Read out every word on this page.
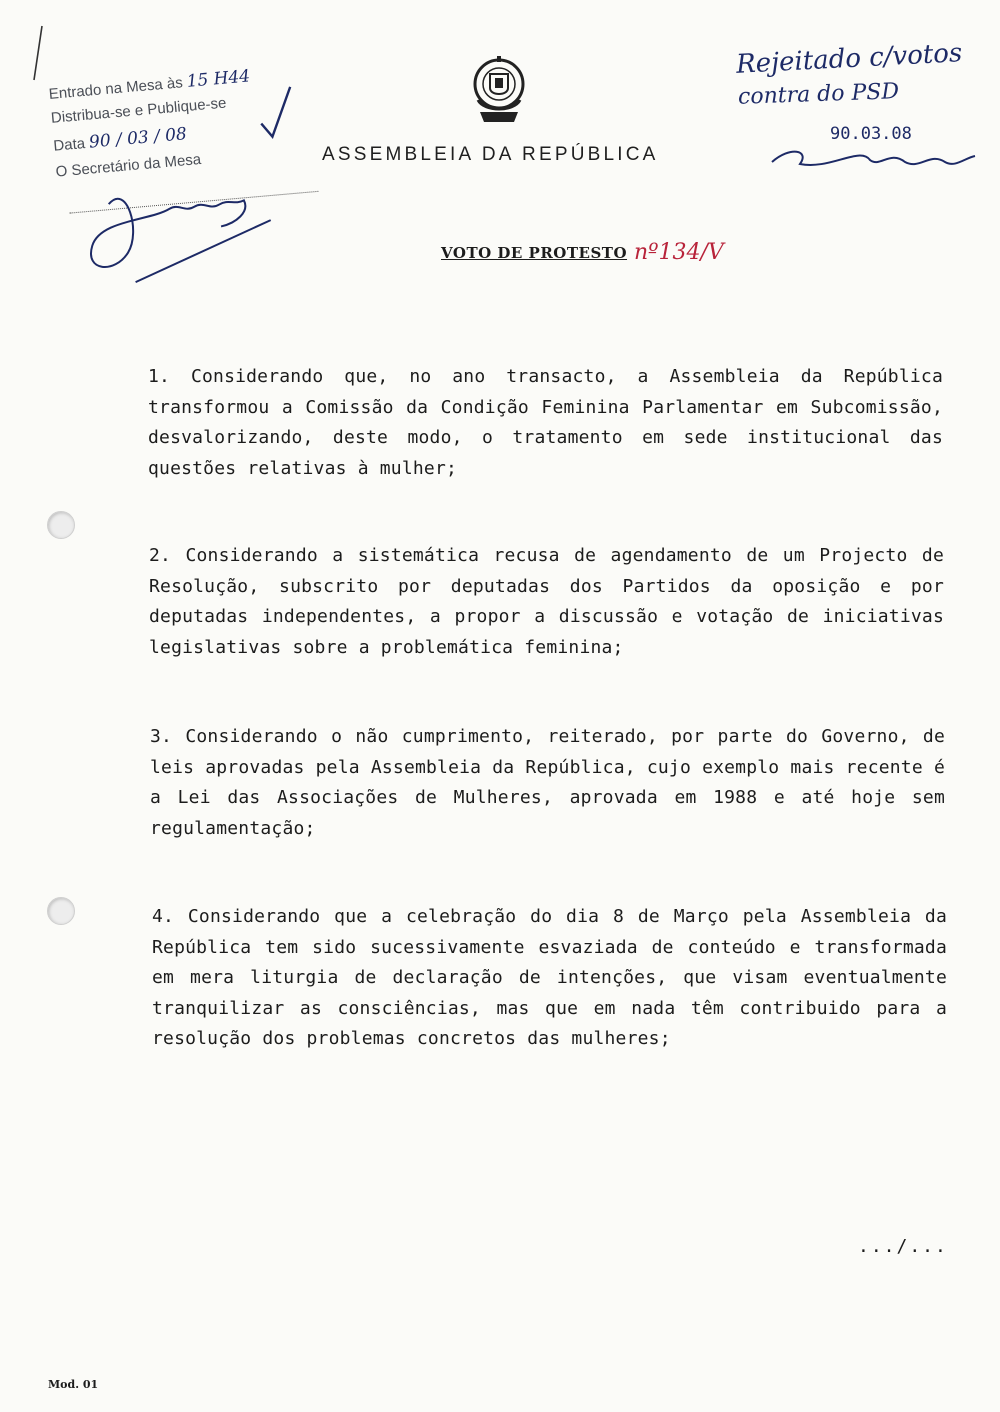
Entrado na Mesa às 15 H44
Distribua-se e Publique-se
Data 90 / 03 / 08
O Secretário da Mesa	ASSEMBLEIA DA REPÚBLICA
Rejeitado c/votos
contra do PSD
90.03.08
VOTO DE PROTESTO nº134/V
1. Considerando que, no ano transacto, a Assembleia da República transformou a Comissão da Condição Feminina Parlamentar em Subcomissão, desvalorizando, deste modo, o tratamento em sede institucional das questões relativas à mulher;
2. Considerando a sistemática recusa de agendamento de um Projecto de Resolução, subscrito por deputadas dos Partidos da oposição e por deputadas independentes, a propor a discussão e votação de iniciativas legislativas sobre a problemática feminina;
3. Considerando o não cumprimento, reiterado, por parte do Governo, de leis aprovadas pela Assembleia da República, cujo exemplo mais recente é a Lei das Associações de Mulheres, aprovada em 1988 e até hoje sem regulamentação;
4. Considerando que a celebração do dia 8 de Março pela Assembleia da República tem sido sucessivamente esvaziada de conteúdo e transformada em mera liturgia de declaração de intenções, que visam eventualmente tranquilizar as consciências, mas que em nada têm contribuido para a resolução dos problemas concretos das mulheres;
.../...
Mod. 01
